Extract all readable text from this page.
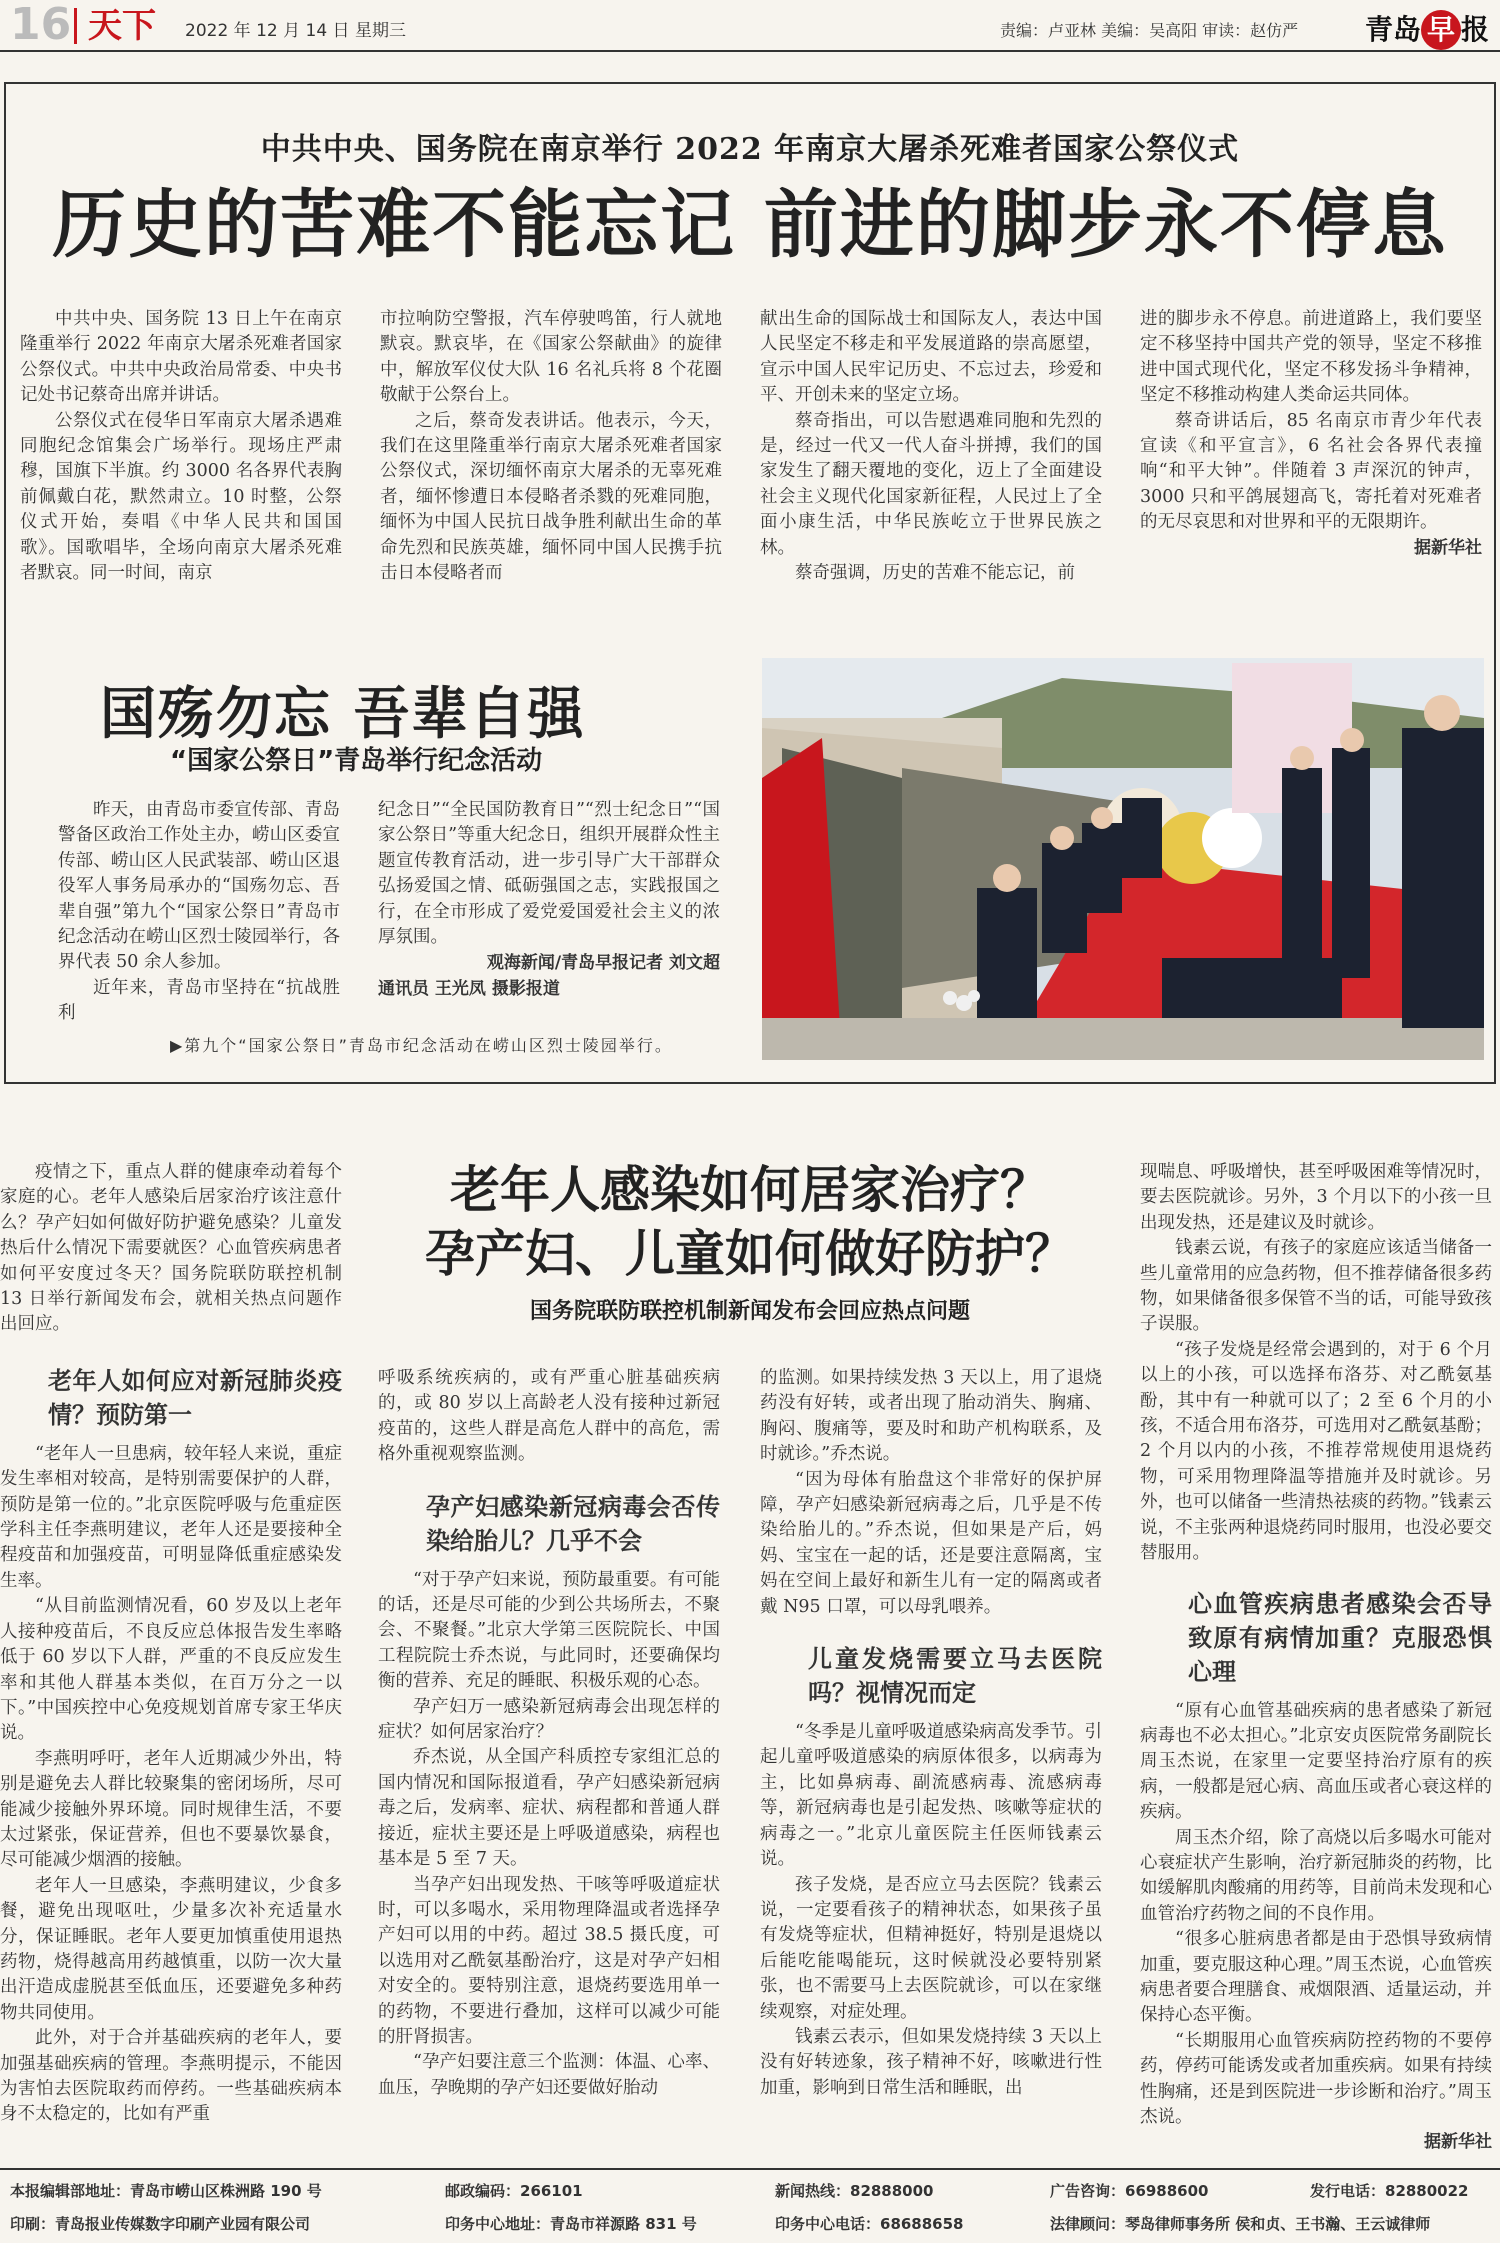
16 天下 2022 年 12 月 14 日 星期三	责编：卢亚林 美编：吴高阳 审读：赵仿严 青岛 早 报
中共中央、国务院在南京举行 2022 年南京大屠杀死难者国家公祭仪式
历史的苦难不能忘记 前进的脚步永不停息

中共中央、国务院 13 日上午在南京隆重举行 2022 年南京大屠杀死难者国家公祭仪式。中共中央政治局常委、中央书记处书记蔡奇出席并讲话。

公祭仪式在侵华日军南京大屠杀遇难同胞纪念馆集会广场举行。现场庄严肃穆，国旗下半旗。约 3000 名各界代表胸前佩戴白花，默然肃立。10 时整，公祭仪式开始，奏唱《中华人民共和国国歌》。国歌唱毕，全场向南京大屠杀死难者默哀。同一时间，南京

市拉响防空警报，汽车停驶鸣笛，行人就地默哀。默哀毕，在《国家公祭献曲》的旋律中，解放军仪仗大队 16 名礼兵将 8 个花圈敬献于公祭台上。

之后，蔡奇发表讲话。他表示，今天，我们在这里隆重举行南京大屠杀死难者国家公祭仪式，深切缅怀南京大屠杀的无辜死难者，缅怀惨遭日本侵略者杀戮的死难同胞，缅怀为中国人民抗日战争胜利献出生命的革命先烈和民族英雄，缅怀同中国人民携手抗击日本侵略者而

献出生命的国际战士和国际友人，表达中国人民坚定不移走和平发展道路的崇高愿望，宣示中国人民牢记历史、不忘过去，珍爱和平、开创未来的坚定立场。

蔡奇指出，可以告慰遇难同胞和先烈的是，经过一代又一代人奋斗拼搏，我们的国家发生了翻天覆地的变化，迈上了全面建设社会主义现代化国家新征程，人民过上了全面小康生活，中华民族屹立于世界民族之林。

蔡奇强调，历史的苦难不能忘记，前

进的脚步永不停息。前进道路上，我们要坚定不移坚持中国共产党的领导，坚定不移推进中国式现代化，坚定不移发扬斗争精神，坚定不移推动构建人类命运共同体。

蔡奇讲话后，85 名南京市青少年代表宣读《和平宣言》，6 名社会各界代表撞响“和平大钟”。伴随着 3 声深沉的钟声，3000 只和平鸽展翅高飞，寄托着对死难者的无尽哀思和对世界和平的无限期许。

据新华社
国殇勿忘 吾辈自强
“国家公祭日”青岛举行纪念活动

昨天，由青岛市委宣传部、青岛警备区政治工作处主办，崂山区委宣传部、崂山区人民武装部、崂山区退役军人事务局承办的“国殇勿忘、吾辈自强”第九个“国家公祭日”青岛市纪念活动在崂山区烈士陵园举行，各界代表 50 余人参加。

近年来，青岛市坚持在“抗战胜利

纪念日”“全民国防教育日”“烈士纪念日”“国家公祭日”等重大纪念日，组织开展群众性主题宣传教育活动，进一步引导广大干部群众弘扬爱国之情、砥砺强国之志，实践报国之行，在全市形成了爱党爱国爱社会主义的浓厚氛围。

观海新闻/青岛早报记者 刘文超
通讯员 王光凤 摄影报道
▶第九个“国家公祭日”青岛市纪念活动在崂山区烈士陵园举行。
老年人感染如何居家治疗？
孕产妇、儿童如何做好防护？
国务院联防联控机制新闻发布会回应热点问题

疫情之下，重点人群的健康牵动着每个家庭的心。老年人感染后居家治疗该注意什么？孕产妇如何做好防护避免感染？儿童发热后什么情况下需要就医？心血管疾病患者如何平安度过冬天？国务院联防联控机制 13 日举行新闻发布会，就相关热点问题作出回应。

老年人如何应对新冠肺炎疫情？预防第一

“老年人一旦患病，较年轻人来说，重症发生率相对较高，是特别需要保护的人群，预防是第一位的。”北京医院呼吸与危重症医学科主任李燕明建议，老年人还是要接种全程疫苗和加强疫苗，可明显降低重症感染发生率。

“从目前监测情况看，60 岁及以上老年人接种疫苗后，不良反应总体报告发生率略低于 60 岁以下人群，严重的不良反应发生率和其他人群基本类似，在百万分之一以下。”中国疾控中心免疫规划首席专家王华庆说。

李燕明呼吁，老年人近期减少外出，特别是避免去人群比较聚集的密闭场所，尽可能减少接触外界环境。同时规律生活，不要太过紧张，保证营养，但也不要暴饮暴食，尽可能减少烟酒的接触。

老年人一旦感染，李燕明建议，少食多餐，避免出现呕吐，少量多次补充适量水分，保证睡眠。老年人要更加慎重使用退热药物，烧得越高用药越慎重，以防一次大量出汗造成虚脱甚至低血压，还要避免多种药物共同使用。

此外，对于合并基础疾病的老年人，要加强基础疾病的管理。李燕明提示，不能因为害怕去医院取药而停药。一些基础疾病本身不太稳定的，比如有严重

呼吸系统疾病的，或有严重心脏基础疾病的，或 80 岁以上高龄老人没有接种过新冠疫苗的，这些人群是高危人群中的高危，需格外重视观察监测。

孕产妇感染新冠病毒会否传染给胎儿？几乎不会

“对于孕产妇来说，预防最重要。有可能的话，还是尽可能的少到公共场所去，不聚会、不聚餐。”北京大学第三医院院长、中国工程院院士乔杰说，与此同时，还要确保均衡的营养、充足的睡眠、积极乐观的心态。

孕产妇万一感染新冠病毒会出现怎样的症状？如何居家治疗？

乔杰说，从全国产科质控专家组汇总的国内情况和国际报道看，孕产妇感染新冠病毒之后，发病率、症状、病程都和普通人群接近，症状主要还是上呼吸道感染，病程也基本是 5 至 7 天。

当孕产妇出现发热、干咳等呼吸道症状时，可以多喝水，采用物理降温或者选择孕产妇可以用的中药。超过 38.5 摄氏度，可以选用对乙酰氨基酚治疗，这是对孕产妇相对安全的。要特别注意，退烧药要选用单一的药物，不要进行叠加，这样可以减少可能的肝肾损害。

“孕产妇要注意三个监测：体温、心率、血压，孕晚期的孕产妇还要做好胎动

的监测。如果持续发热 3 天以上，用了退烧药没有好转，或者出现了胎动消失、胸痛、胸闷、腹痛等，要及时和助产机构联系，及时就诊。”乔杰说。

“因为母体有胎盘这个非常好的保护屏障，孕产妇感染新冠病毒之后，几乎是不传染给胎儿的。”乔杰说，但如果是产后，妈妈、宝宝在一起的话，还是要注意隔离，宝妈在空间上最好和新生儿有一定的隔离或者戴 N95 口罩，可以母乳喂养。

儿童发烧需要立马去医院吗？视情况而定

“冬季是儿童呼吸道感染病高发季节。引起儿童呼吸道感染的病原体很多，以病毒为主，比如鼻病毒、副流感病毒、流感病毒等，新冠病毒也是引起发热、咳嗽等症状的病毒之一。”北京儿童医院主任医师钱素云说。

孩子发烧，是否应立马去医院？钱素云说，一定要看孩子的精神状态，如果孩子虽有发烧等症状，但精神挺好，特别是退烧以后能吃能喝能玩，这时候就没必要特别紧张，也不需要马上去医院就诊，可以在家继续观察，对症处理。

钱素云表示，但如果发烧持续 3 天以上没有好转迹象，孩子精神不好，咳嗽进行性加重，影响到日常生活和睡眠，出

现喘息、呼吸增快，甚至呼吸困难等情况时，要去医院就诊。另外，3 个月以下的小孩一旦出现发热，还是建议及时就诊。

钱素云说，有孩子的家庭应该适当储备一些儿童常用的应急药物，但不推荐储备很多药物，如果储备很多保管不当的话，可能导致孩子误服。

“孩子发烧是经常会遇到的，对于 6 个月以上的小孩，可以选择布洛芬、对乙酰氨基酚，其中有一种就可以了；2 至 6 个月的小孩，不适合用布洛芬，可选用对乙酰氨基酚；2 个月以内的小孩，不推荐常规使用退烧药物，可采用物理降温等措施并及时就诊。另外，也可以储备一些清热祛痰的药物。”钱素云说，不主张两种退烧药同时服用，也没必要交替服用。

心血管疾病患者感染会否导致原有病情加重？克服恐惧心理

“原有心血管基础疾病的患者感染了新冠病毒也不必太担心。”北京安贞医院常务副院长周玉杰说，在家里一定要坚持治疗原有的疾病，一般都是冠心病、高血压或者心衰这样的疾病。

周玉杰介绍，除了高烧以后多喝水可能对心衰症状产生影响，治疗新冠肺炎的药物，比如缓解肌肉酸痛的用药等，目前尚未发现和心血管治疗药物之间的不良作用。

“很多心脏病患者都是由于恐惧导致病情加重，要克服这种心理。”周玉杰说，心血管疾病患者要合理膳食、戒烟限酒、适量运动，并保持心态平衡。

“长期服用心血管疾病防控药物的不要停药，停药可能诱发或者加重疾病。如果有持续性胸痛，还是到医院进一步诊断和治疗。”周玉杰说。

据新华社
本报编辑部地址：青岛市崂山区株洲路 190 号	邮政编码：266101	新闻热线：82888000	广告咨询：66988600	发行电话：82880022
印刷：青岛报业传媒数字印刷产业园有限公司	印务中心地址：青岛市祥源路 831 号	印务中心电话：68688658	法律顾问：琴岛律师事务所 侯和贞、王书瀚、王云诚律师
